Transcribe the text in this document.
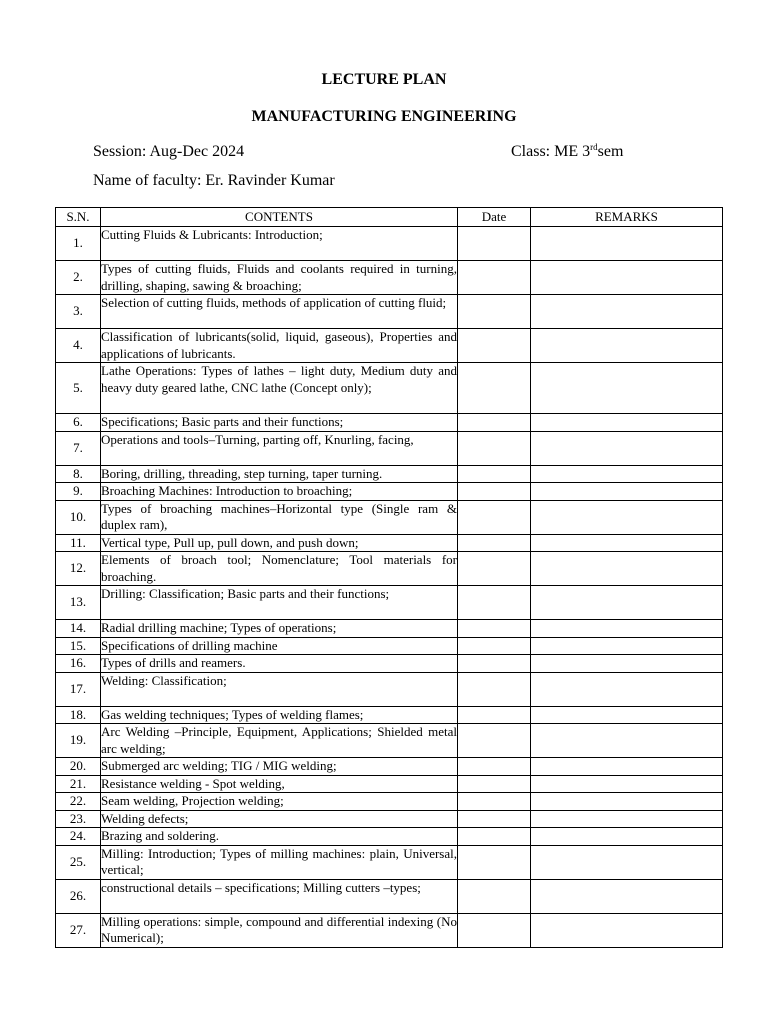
LECTURE PLAN
MANUFACTURING ENGINEERING
Session: Aug-Dec 2024	Class: ME 3rdsem
Name of faculty: Er. Ravinder Kumar
S.N.	CONTENTS	Date	REMARKS
1.	Cutting Fluids & Lubricants: Introduction;		
2.	Types of cutting fluids, Fluids and coolants required in turning, drilling, shaping, sawing & broaching;		
3.	Selection of cutting fluids, methods of application of cutting fluid;		
4.	Classification of lubricants(solid, liquid, gaseous), Properties and applications of lubricants.		
5.	Lathe Operations: Types of lathes – light duty, Medium duty and heavy duty geared lathe, CNC lathe (Concept only);		
6.	Specifications; Basic parts and their functions;		
7.	Operations and tools–Turning, parting off, Knurling, facing,		
8.	Boring, drilling, threading, step turning, taper turning.		
9.	Broaching Machines: Introduction to broaching;		
10.	Types of broaching machines–Horizontal type (Single ram & duplex ram),		
11.	Vertical type, Pull up, pull down, and push down;		
12.	Elements of broach tool; Nomenclature; Tool materials for broaching.		
13.	Drilling: Classification; Basic parts and their functions;		
14.	Radial drilling machine; Types of operations;		
15.	Specifications of drilling machine		
16.	Types of drills and reamers.		
17.	Welding: Classification;		
18.	Gas welding techniques; Types of welding flames;		
19.	Arc Welding –Principle, Equipment, Applications; Shielded metal arc welding;		
20.	Submerged arc welding; TIG / MIG welding;		
21.	Resistance welding - Spot welding,		
22.	Seam welding, Projection welding;		
23.	Welding defects;		
24.	Brazing and soldering.		
25.	Milling: Introduction; Types of milling machines: plain, Universal, vertical;		
26.	constructional details – specifications; Milling cutters –types;		
27.	Milling operations: simple, compound and differential indexing (No Numerical);		
